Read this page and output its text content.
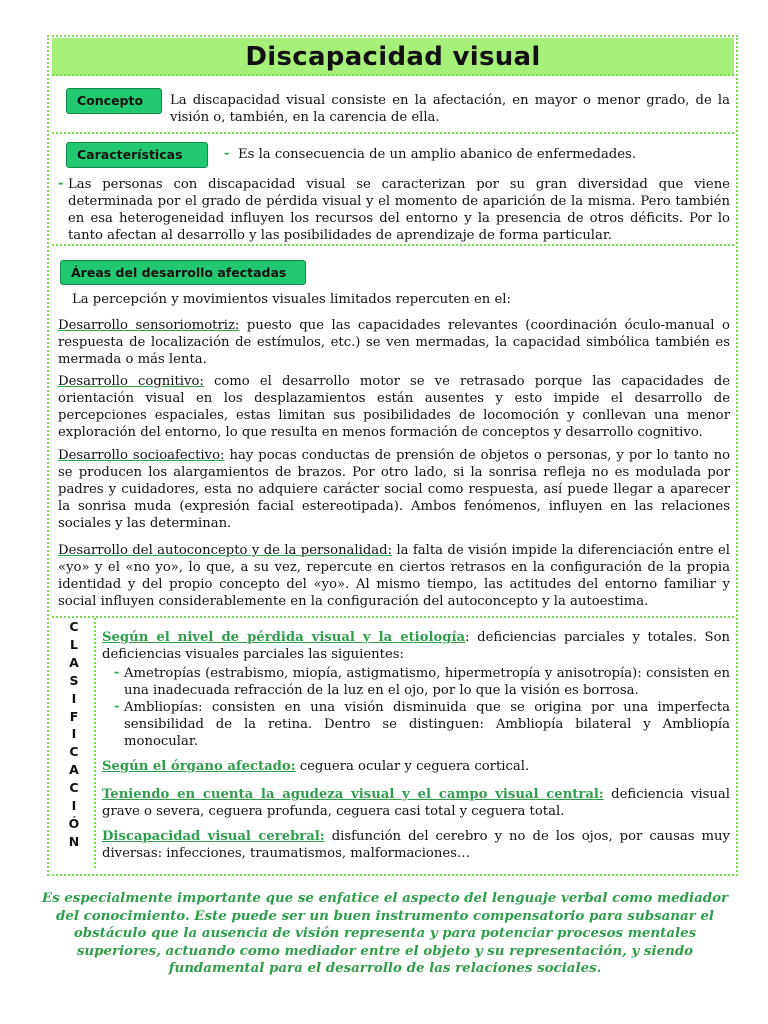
Discapacidad visual
Concepto	La discapacidad visual consiste en la afectación, en mayor o menor grado, de la visión o, también, en la carencia de ella.
Características	- Es la consecuencia de un amplio abanico de enfermedades.
- Las personas con discapacidad visual se caracterizan por su gran diversidad que viene determinada por el grado de pérdida visual y el momento de aparición de la misma. Pero también en esa heterogeneidad influyen los recursos del entorno y la presencia de otros déficits. Por lo tanto afectan al desarrollo y las posibilidades de aprendizaje de forma particular.
Áreas del desarrollo afectadas
La percepción y movimientos visuales limitados repercuten en el:
Desarrollo sensoriomotriz: puesto que las capacidades relevantes (coordinación óculo-manual o respuesta de localización de estímulos, etc.) se ven mermadas, la capacidad simbólica también es mermada o más lenta.
Desarrollo cognitivo: como el desarrollo motor se ve retrasado porque las capacidades de orientación visual en los desplazamientos están ausentes y esto impide el desarrollo de percepciones espaciales, estas limitan sus posibilidades de locomoción y conllevan una menor exploración del entorno, lo que resulta en menos formación de conceptos y desarrollo cognitivo.
Desarrollo socioafectivo: hay pocas conductas de prensión de objetos o personas, y por lo tanto no se producen los alargamientos de brazos. Por otro lado, si la sonrisa refleja no es modulada por padres y cuidadores, esta no adquiere carácter social como respuesta, así puede llegar a aparecer la sonrisa muda (expresión facial estereotipada). Ambos fenómenos, influyen en las relaciones sociales y las determinan.
Desarrollo del autoconcepto y de la personalidad: la falta de visión impide la diferenciación entre el «yo» y el «no yo», lo que, a su vez, repercute en ciertos retrasos en la configuración de la propia identidad y del propio concepto del «yo». Al mismo tiempo, las actitudes del entorno familiar y social influyen considerablemente en la configuración del autoconcepto y la autoestima.
C
L
A
S
I
F
I
C
A
C
I
Ó
N
Según el nivel de pérdida visual y la etiología: deficiencias parciales y totales. Son deficiencias visuales parciales las siguientes:
- Ametropías (estrabismo, miopía, astigmatismo, hipermetropía y anisotropía): consisten en una inadecuada refracción de la luz en el ojo, por lo que la visión es borrosa.
- Ambliopías: consisten en una visión disminuida que se origina por una imperfecta sensibilidad de la retina. Dentro se distinguen: Ambliopía bilateral y Ambliopía monocular.
Según el órgano afectado: ceguera ocular y ceguera cortical.
Teniendo en cuenta la agudeza visual y el campo visual central: deficiencia visual grave o severa, ceguera profunda, ceguera casi total y ceguera total.
Discapacidad visual cerebral: disfunción del cerebro y no de los ojos, por causas muy diversas: infecciones, traumatismos, malformaciones…
Es especialmente importante que se enfatice el aspecto del lenguaje verbal como mediador del conocimiento. Este puede ser un buen instrumento compensatorio para subsanar el obstáculo que la ausencia de visión representa y para potenciar procesos mentales superiores, actuando como mediador entre el objeto y su representación, y siendo fundamental para el desarrollo de las relaciones sociales.
